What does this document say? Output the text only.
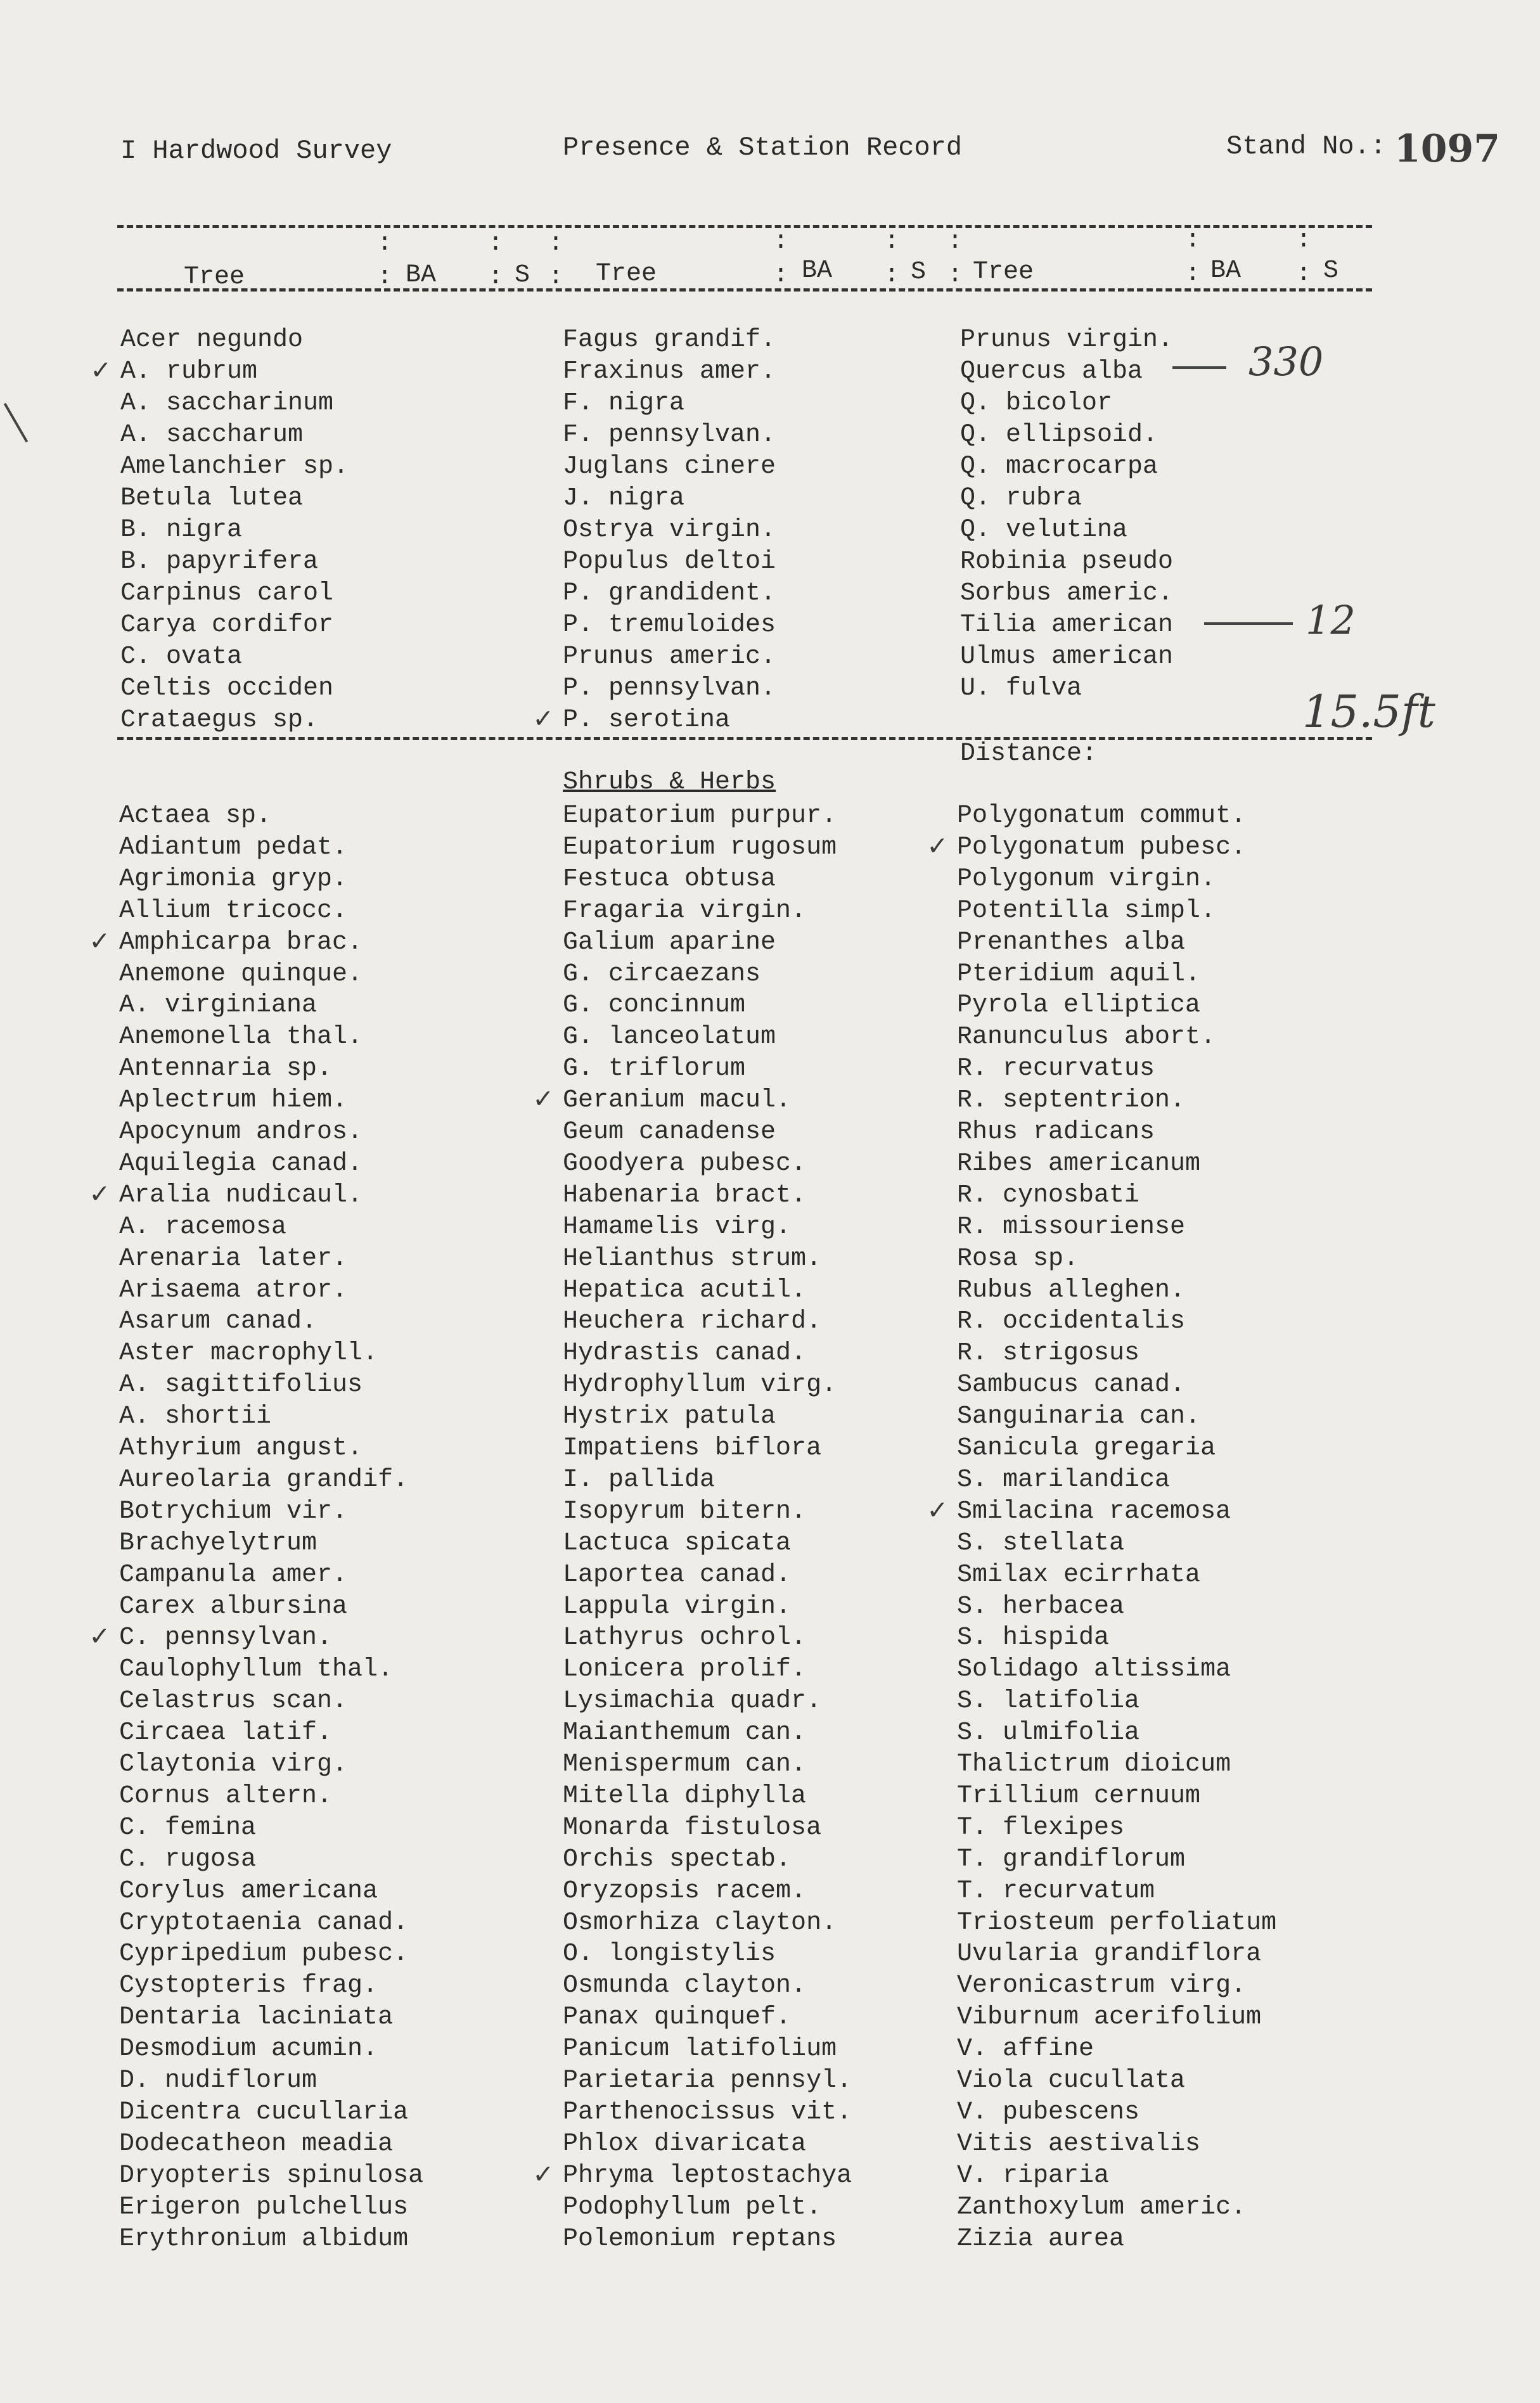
I Hardwood Survey	Presence & Station Record	Stand No.: 1097
Tree
:
: BA
:
: S
:
: Tree
:
: BA
:
: S
:
: Tree
:
: BA
:
: S
Acer negundo
A. rubrum
✓
A. saccharinum
A. saccharum
Amelanchier sp.
Betula lutea
B. nigra
B. papyrifera
Carpinus carol
Carya cordifor
C. ovata
Celtis occiden
Crataegus sp.
Fagus grandif.
Fraxinus amer.
F. nigra
F. pennsylvan.
Juglans cinere
J. nigra
Ostrya virgin.
Populus deltoi
P. grandident.
P. tremuloides
Prunus americ.
P. pennsylvan.
P. serotina
✓
Prunus virgin.
Quercus alba
Q. bicolor
Q. ellipsoid.
Q. macrocarpa
Q. rubra
Q. velutina
Robinia pseudo
Sorbus americ.
Tilia american
Ulmus american
U. fulva
330
12
15.5ft
Distance:
Shrubs & Herbs
Actaea sp.
Adiantum pedat.
Agrimonia gryp.
Allium tricocc.
Amphicarpa brac.
✓
Anemone quinque.
A. virginiana
Anemonella thal.
Antennaria sp.
Aplectrum hiem.
Apocynum andros.
Aquilegia canad.
Aralia nudicaul.
✓
A. racemosa
Arenaria later.
Arisaema atror.
Asarum canad.
Aster macrophyll.
A. sagittifolius
A. shortii
Athyrium angust.
Aureolaria grandif.
Botrychium vir.
Brachyelytrum
Campanula amer.
Carex albursina
C. pennsylvan.
✓
Caulophyllum thal.
Celastrus scan.
Circaea latif.
Claytonia virg.
Cornus altern.
C. femina
C. rugosa
Corylus americana
Cryptotaenia canad.
Cypripedium pubesc.
Cystopteris frag.
Dentaria laciniata
Desmodium acumin.
D. nudiflorum
Dicentra cucullaria
Dodecatheon meadia
Dryopteris spinulosa
Erigeron pulchellus
Erythronium albidum
Eupatorium purpur.
Eupatorium rugosum
Festuca obtusa
Fragaria virgin.
Galium aparine
G. circaezans
G. concinnum
G. lanceolatum
G. triflorum
Geranium macul.
✓
Geum canadense
Goodyera pubesc.
Habenaria bract.
Hamamelis virg.
Helianthus strum.
Hepatica acutil.
Heuchera richard.
Hydrastis canad.
Hydrophyllum virg.
Hystrix patula
Impatiens biflora
I. pallida
Isopyrum bitern.
Lactuca spicata
Laportea canad.
Lappula virgin.
Lathyrus ochrol.
Lonicera prolif.
Lysimachia quadr.
Maianthemum can.
Menispermum can.
Mitella diphylla
Monarda fistulosa
Orchis spectab.
Oryzopsis racem.
Osmorhiza clayton.
O. longistylis
Osmunda clayton.
Panax quinquef.
Panicum latifolium
Parietaria pennsyl.
Parthenocissus vit.
Phlox divaricata
Phryma leptostachya
✓
Podophyllum pelt.
Polemonium reptans
Polygonatum commut.
Polygonatum pubesc.
✓
Polygonum virgin.
Potentilla simpl.
Prenanthes alba
Pteridium aquil.
Pyrola elliptica
Ranunculus abort.
R. recurvatus
R. septentrion.
Rhus radicans
Ribes americanum
R. cynosbati
R. missouriense
Rosa sp.
Rubus alleghen.
R. occidentalis
R. strigosus
Sambucus canad.
Sanguinaria can.
Sanicula gregaria
S. marilandica
Smilacina racemosa
✓
S. stellata
Smilax ecirrhata
S. herbacea
S. hispida
Solidago altissima
S. latifolia
S. ulmifolia
Thalictrum dioicum
Trillium cernuum
T. flexipes
T. grandiflorum
T. recurvatum
Triosteum perfoliatum
Uvularia grandiflora
Veronicastrum virg.
Viburnum acerifolium
V. affine
Viola cucullata
V. pubescens
Vitis aestivalis
V. riparia
Zanthoxylum americ.
Zizia aurea
